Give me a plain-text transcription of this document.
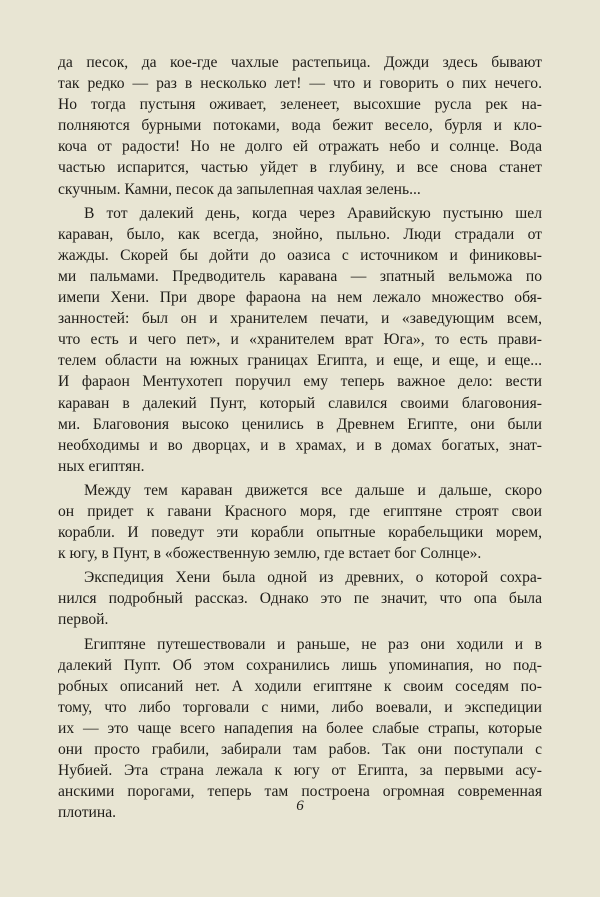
да песок, да кое-где чахлые растепьица. Дожди здесь бывают
так редко — раз в несколько лет! — что и говорить о пих нечего.
Но тогда пустыня оживает, зеленеет, высохшие русла рек на-
полняются бурными потоками, вода бежит весело, бурля и кло-
коча от радости! Но не долго ей отражать небо и солнце. Вода
частью испарится, частью уйдет в глубину, и все снова станет
скучным. Камни, песок да запылепная чахлая зелень...
В тот далекий день, когда через Аравийскую пустыню шел
караван, было, как всегда, знойно, пыльно. Люди страдали от
жажды. Скорей бы дойти до оазиса с источником и финиковы-
ми пальмами. Предводитель каравана — зпатный вельможа по
имепи Хени. При дворе фараона на нем лежало множество обя-
занностей: был он и хранителем печати, и «заведующим всем,
что есть и чего пет», и «хранителем врат Юга», то есть прави-
телем области на южных границах Египта, и еще, и еще, и еще...
И фараон Ментухотеп поручил ему теперь важное дело: вести
караван в далекий Пунт, который славился своими благовония-
ми. Благовония высоко ценились в Древнем Египте, они были
необходимы и во дворцах, и в храмах, и в домах богатых, знат-
ных египтян.
Между тем караван движется все дальше и дальше, скоро
он придет к гавани Красного моря, где египтяне строят свои
корабли. И поведут эти корабли опытные корабельщики морем,
к югу, в Пунт, в «божественную землю, где встает бог Солнце».
Экспедиция Хени была одной из древних, о которой сохра-
нился подробный рассказ. Однако это пе значит, что опа была
первой.
Египтяне путешествовали и раньше, не раз они ходили и в
далекий Пупт. Об этом сохранились лишь упоминапия, но под-
робных описаний нет. А ходили египтяне к своим соседям по-
тому, что либо торговали с ними, либо воевали, и экспедиции
их — это чаще всего нападепия на более слабые страпы, которые
они просто грабили, забирали там рабов. Так они поступали с
Нубией. Эта страна лежала к югу от Египта, за первыми асу-
анскими порогами, теперь там построена огромная современная
плотина.	6
